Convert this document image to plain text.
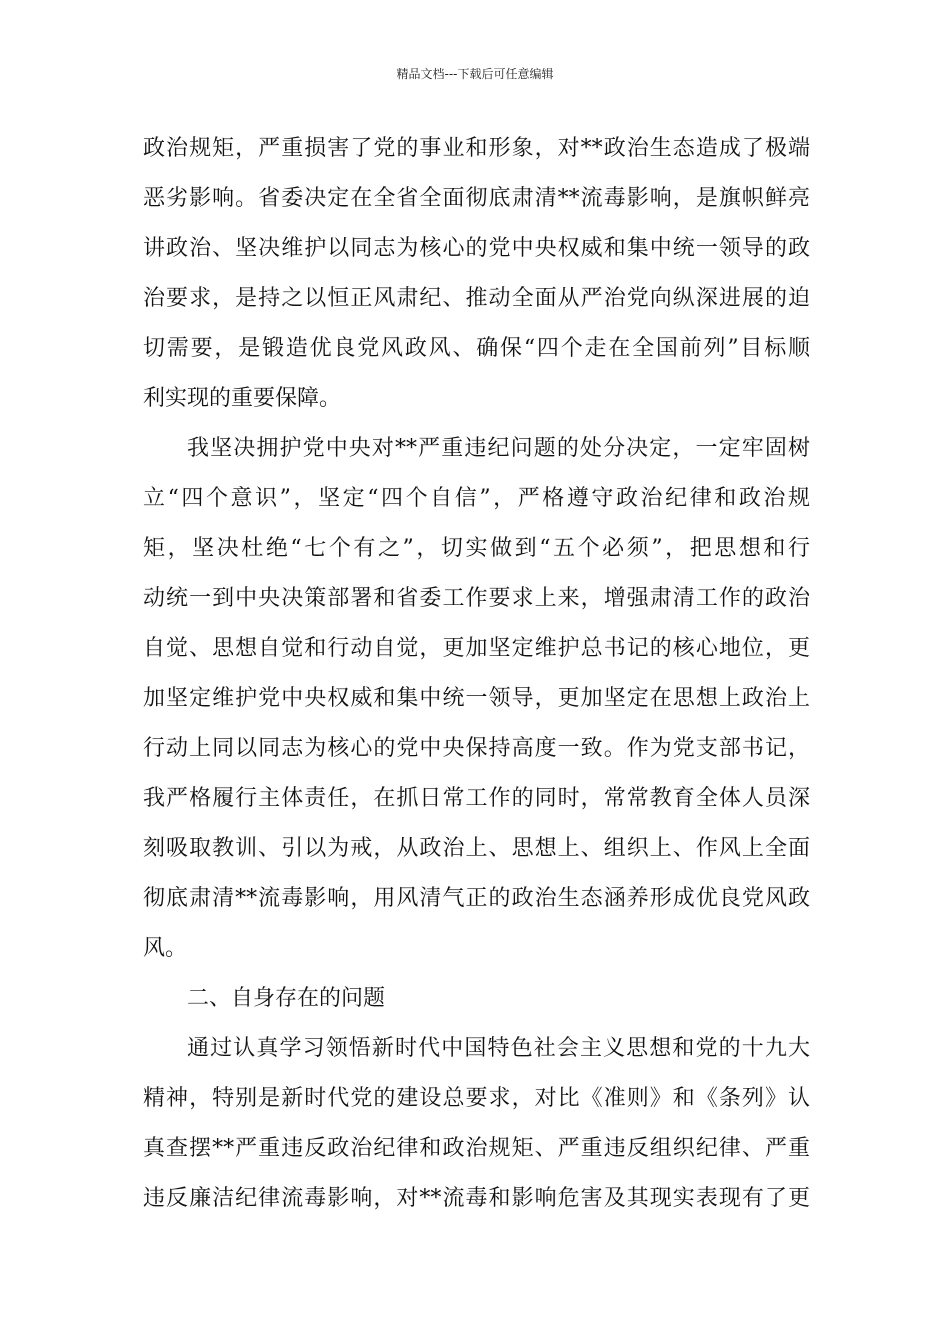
精品文档---下载后可任意编辑
政治规矩，严重损害了党的事业和形象，对**政治生态造成了极端
恶劣影响。省委决定在全省全面彻底肃清**流毒影响，是旗帜鲜亮
讲政治、坚决维护以同志为核心的党中央权威和集中统一领导的政
治要求，是持之以恒正风肃纪、推动全面从严治党向纵深进展的迫
切需要，是锻造优良党风政风、确保“四个走在全国前列”目标顺
利实现的重要保障。
我坚决拥护党中央对**严重违纪问题的处分决定，一定牢固树
立“四个意识”，坚定“四个自信”，严格遵守政治纪律和政治规
矩，坚决杜绝“七个有之”，切实做到“五个必须”，把思想和行
动统一到中央决策部署和省委工作要求上来，增强肃清工作的政治
自觉、思想自觉和行动自觉，更加坚定维护总书记的核心地位，更
加坚定维护党中央权威和集中统一领导，更加坚定在思想上政治上
行动上同以同志为核心的党中央保持高度一致。作为党支部书记，
我严格履行主体责任，在抓日常工作的同时，常常教育全体人员深
刻吸取教训、引以为戒，从政治上、思想上、组织上、作风上全面
彻底肃清**流毒影响，用风清气正的政治生态涵养形成优良党风政
风。
二、自身存在的问题
通过认真学习领悟新时代中国特色社会主义思想和党的十九大
精神，特别是新时代党的建设总要求，对比《准则》和《条列》认
真查摆**严重违反政治纪律和政治规矩、严重违反组织纪律、严重
违反廉洁纪律流毒影响，对**流毒和影响危害及其现实表现有了更
